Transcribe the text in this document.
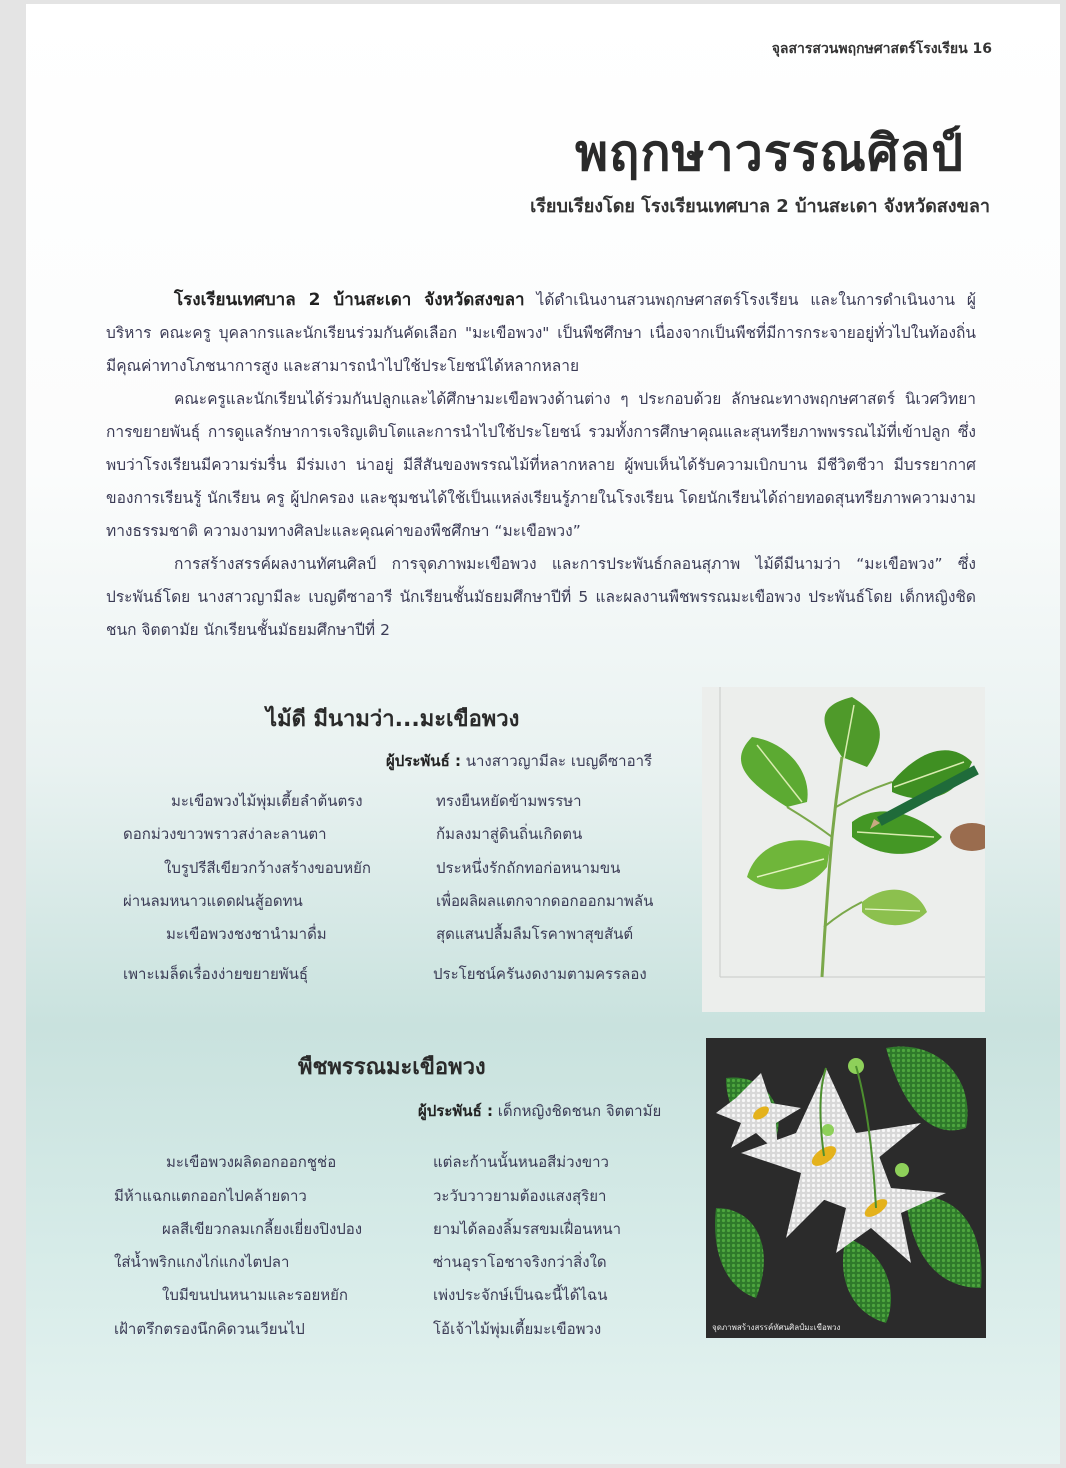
จุลสารสวนพฤกษศาสตร์โรงเรียน 16
พฤกษาวรรณศิลป์
เรียบเรียงโดย โรงเรียนเทศบาล 2 บ้านสะเดา จังหวัดสงขลา

โรงเรียนเทศบาล 2 บ้านสะเดา จังหวัดสงขลา ได้ดำเนินงานสวนพฤกษศาสตร์โรงเรียน และในการดำเนินงาน ผู้บริหาร คณะครู บุคลากรและนักเรียนร่วมกันคัดเลือก "มะเขือพวง" เป็นพืชศึกษา เนื่องจากเป็นพืชที่มีการกระจายอยู่ทั่วไปในท้องถิ่น มีคุณค่าทางโภชนาการสูง และสามารถนำไปใช้ประโยชน์ได้หลากหลาย

คณะครูและนักเรียนได้ร่วมกันปลูกและได้ศึกษามะเขือพวงด้านต่าง ๆ ประกอบด้วย ลักษณะทางพฤกษศาสตร์ นิเวศวิทยา การขยายพันธุ์ การดูแลรักษาการเจริญเติบโตและการนำไปใช้ประโยชน์ รวมทั้งการศึกษาคุณและสุนทรียภาพพรรณไม้ที่เข้าปลูก ซึ่งพบว่าโรงเรียนมีความร่มรื่น มีร่มเงา น่าอยู่ มีสีสันของพรรณไม้ที่หลากหลาย ผู้พบเห็นได้รับความเบิกบาน มีชีวิตชีวา มีบรรยากาศของการเรียนรู้ นักเรียน ครู ผู้ปกครอง และชุมชนได้ใช้เป็นแหล่งเรียนรู้ภายในโรงเรียน โดยนักเรียนได้ถ่ายทอดสุนทรียภาพความงามทางธรรมชาติ ความงามทางศิลปะและคุณค่าของพืชศึกษา “มะเขือพวง”

การสร้างสรรค์ผลงานทัศนศิลป์ การจุดภาพมะเขือพวง และการประพันธ์กลอนสุภาพ ไม้ดีมีนามว่า “มะเขือพวง” ซึ่งประพันธ์โดย นางสาวญามีละ เบญดีซาอารี นักเรียนชั้นมัธยมศึกษาปีที่ 5 และผลงานพืชพรรณมะเขือพวง ประพันธ์โดย เด็กหญิงชิดชนก จิตตามัย นักเรียนชั้นมัธยมศึกษาปีที่ 2

ไม้ดี มีนามว่า...มะเขือพวง
ผู้ประพันธ์ : นางสาวญามีละ เบญดีซาอารี
มะเขือพวงไม้พุ่มเตี้ยลำต้นตรง	ทรงยืนหยัดข้ามพรรษา
ดอกม่วงขาวพราวสง่าละลานตา	ก้มลงมาสู่ดินถิ่นเกิดตน
ใบรูปรีสีเขียวกว้างสร้างขอบหยัก	ประหนึ่งรักถักทอก่อหนามขน
ผ่านลมหนาวแดดฝนสู้อดทน	เพื่อผลิผลแตกจากดอกออกมาพลัน
มะเขือพวงชงชานำมาดื่ม	สุดแสนปลื้มลืมโรคาพาสุขสันต์
เพาะเมล็ดเรื่องง่ายขยายพันธุ์	ประโยชน์ครันงดงามตามครรลอง
พืชพรรณมะเขือพวง
ผู้ประพันธ์ : เด็กหญิงชิดชนก จิตตามัย
มะเขือพวงผลิดอกออกชูช่อ	แต่ละก้านนั้นหนอสีม่วงขาว
มีห้าแฉกแตกออกไปคล้ายดาว	วะวับวาวยามต้องแสงสุริยา
ผลสีเขียวกลมเกลี้ยงเยี่ยงปิงปอง	ยามได้ลองลิ้มรสขมเฝื่อนหนา
ใส่น้ำพริกแกงไก่แกงไตปลา	ซ่านอุราโอชาจริงกว่าสิ่งใด
ใบมีขนปนหนามและรอยหยัก	เพ่งประจักษ์เป็นฉะนี้ได้ไฉน
เฝ้าตรึกตรองนึกคิดวนเวียนไป	โอ้เจ้าไม้พุ่มเตี้ยมะเขือพวง	จุดภาพสร้างสรรค์ทัศนศิลป์มะเขือพวง
